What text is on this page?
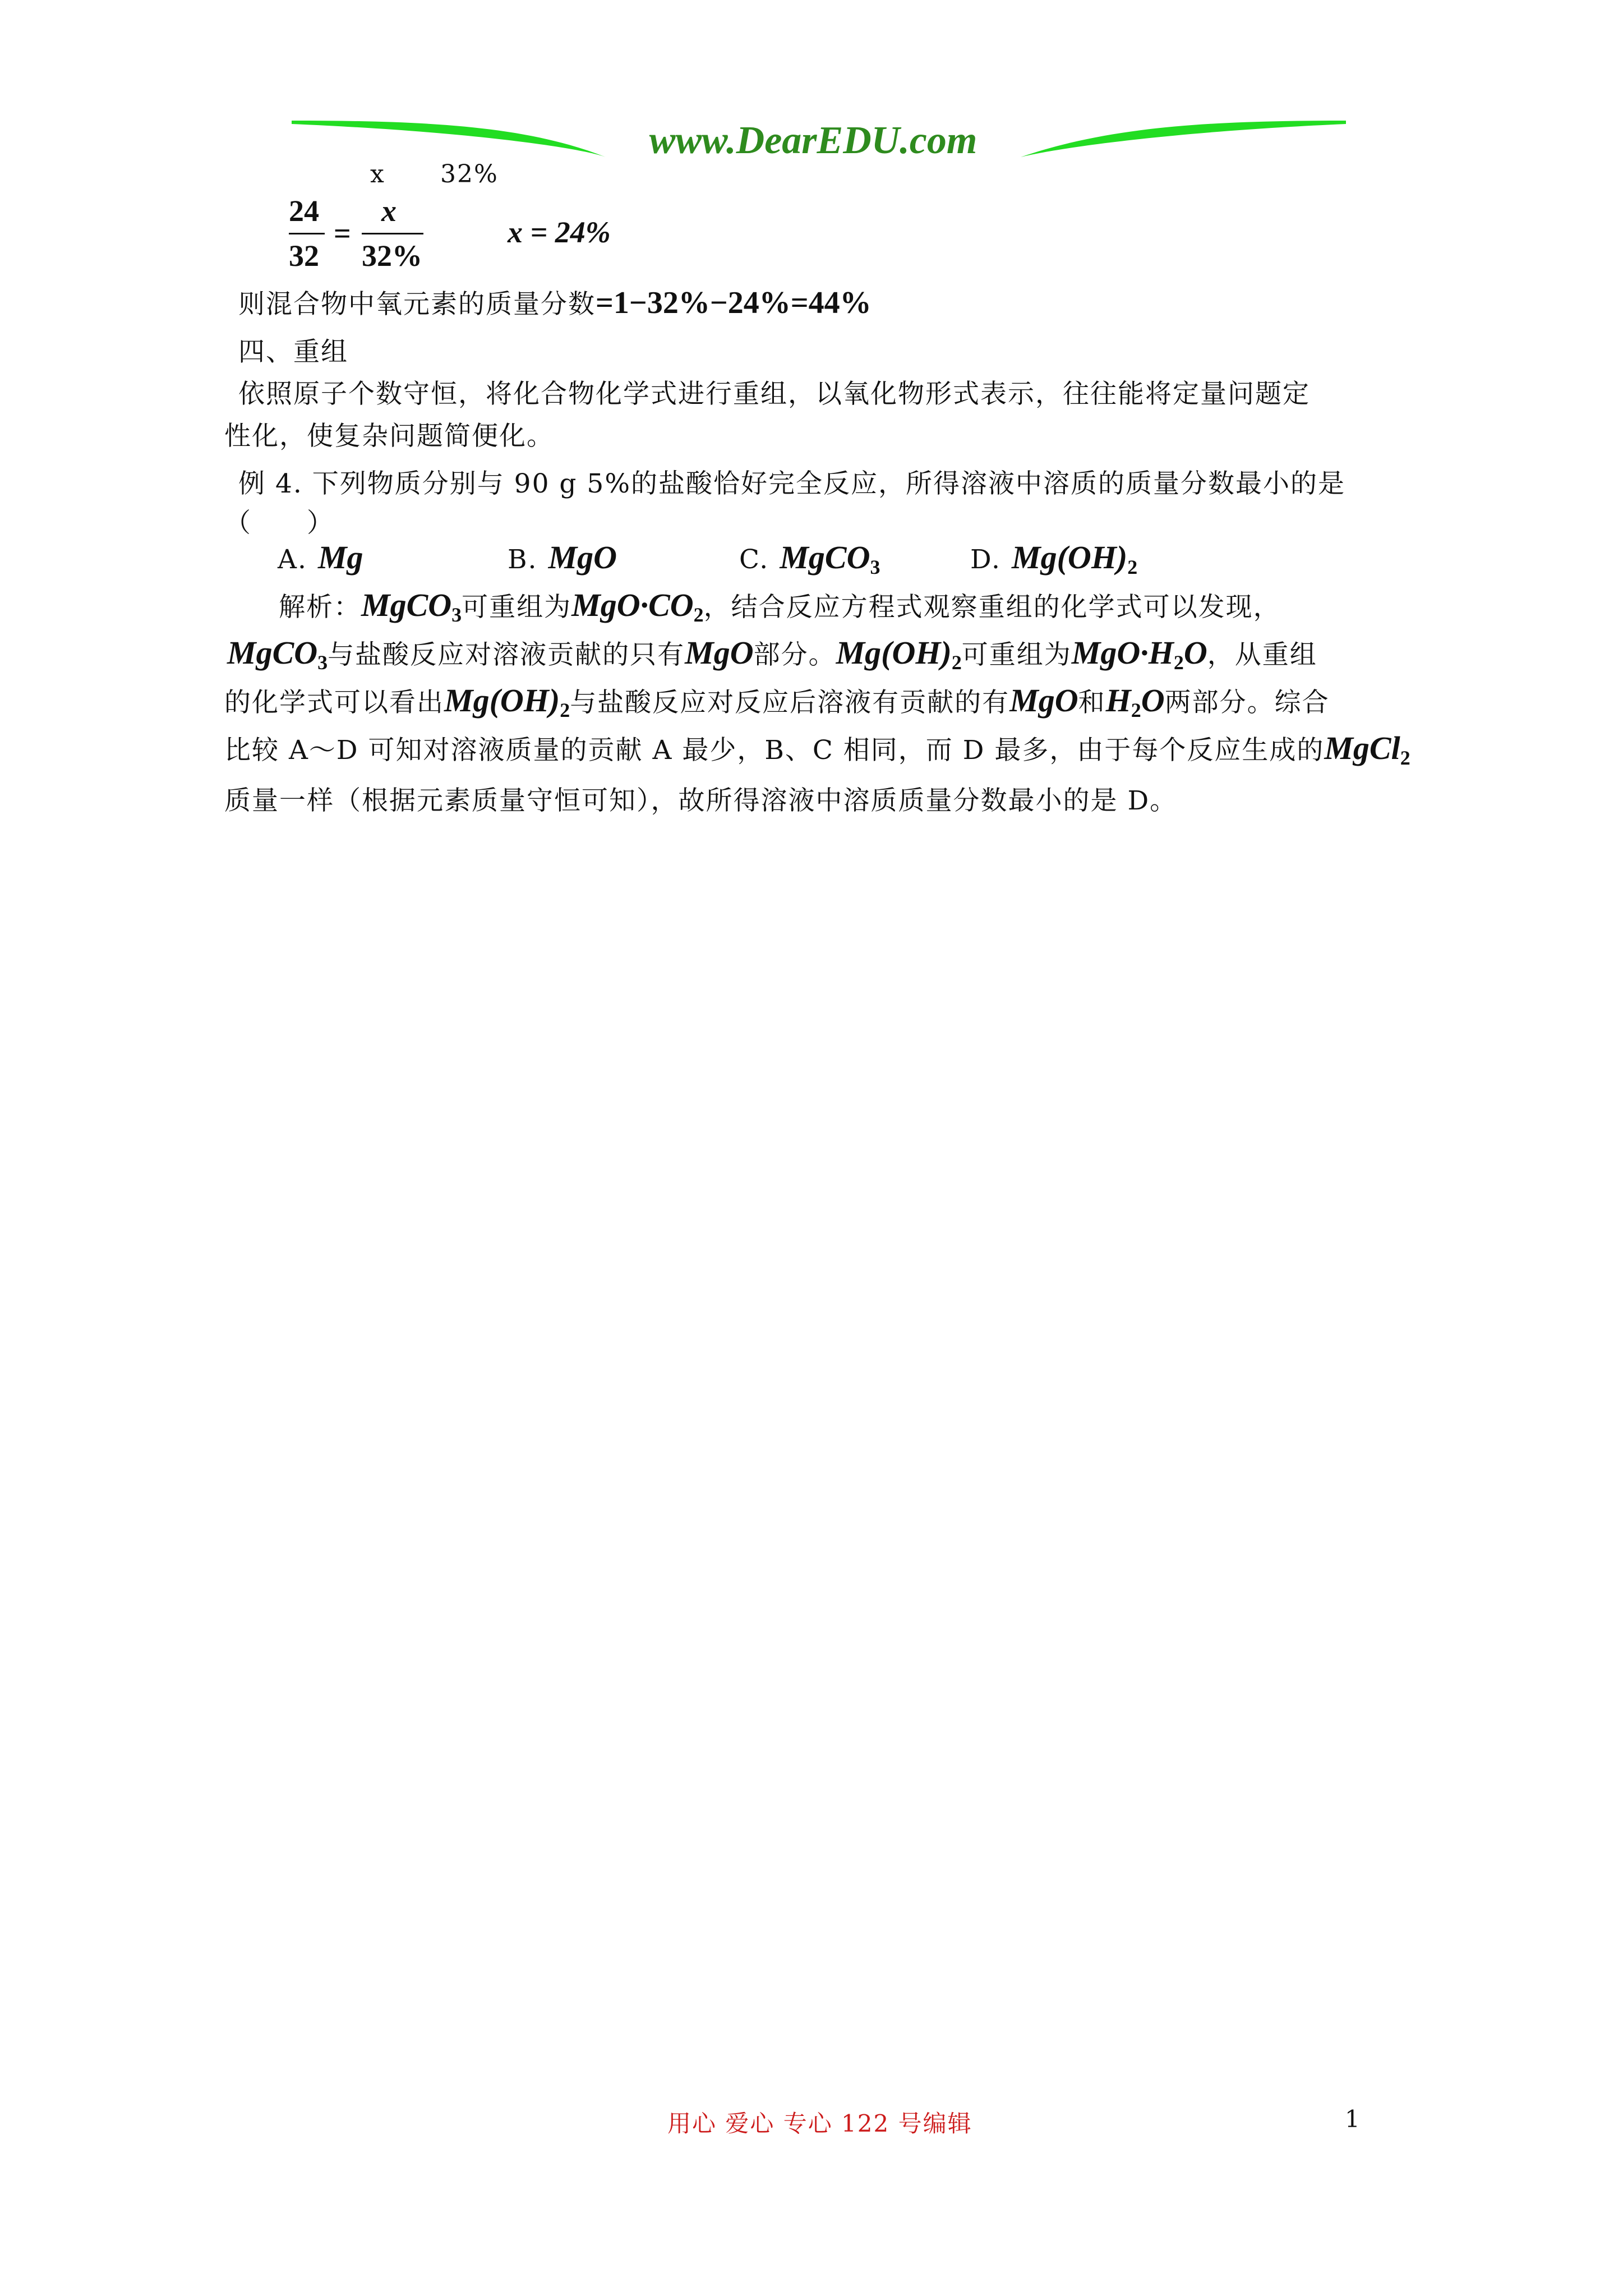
www.DearEDU.com
x 32%
24
32
=
x
32%
x = 24%
则混合物中氧元素的质量分数=1−32%−24%=44%
四、重组
依照原子个数守恒，将化合物化学式进行重组，以氧化物形式表示，往往能将定量问题定
性化，使复杂问题简便化。
例 4. 下列物质分别与 90 g 5%的盐酸恰好完全反应，所得溶液中溶质的质量分数最小的是
（　　）
A. Mg	B. MgO	C. MgCO3	D. Mg(OH)2
解析：MgCO3可重组为MgO·CO2，结合反应方程式观察重组的化学式可以发现，
MgCO3与盐酸反应对溶液贡献的只有MgO部分。Mg(OH)2可重组为MgO·H2O，从重组
的化学式可以看出Mg(OH)2与盐酸反应对反应后溶液有贡献的有MgO和H2O两部分。综合
比较 A～D 可知对溶液质量的贡献 A 最少，B、C 相同，而 D 最多，由于每个反应生成的MgCl2
质量一样（根据元素质量守恒可知），故所得溶液中溶质质量分数最小的是 D。
用心 爱心 专心 122 号编辑	1
